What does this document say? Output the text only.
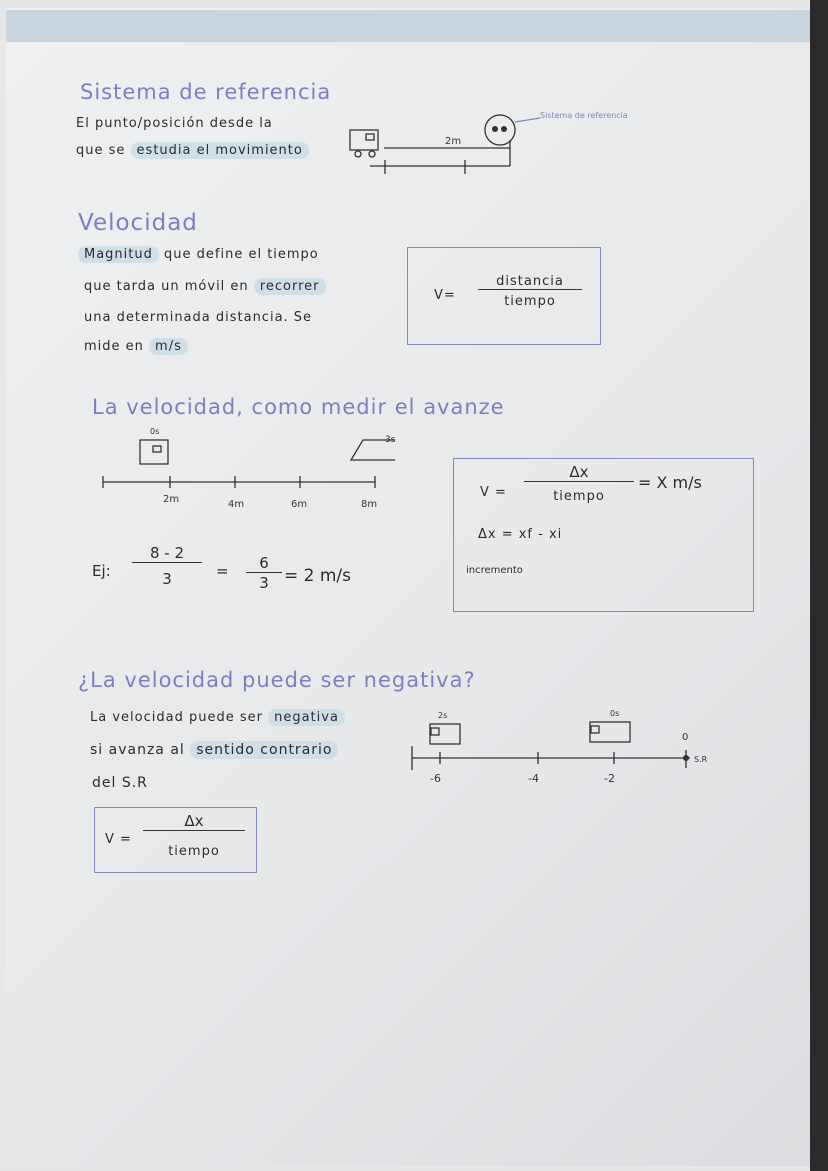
Sistema de referencia
El punto/posición desde la
que se estudia el movimiento
2m
Sistema de referencia
Velocidad
Magnitud que define el tiempo
que tarda un móvil en recorrer
una determinada distancia. Se
mide en m/s
V=
distancia
tiempo
La velocidad, como medir el avanze
0s
3s
2m	4m	6m	8m
Ej:
8 - 2
3	=	6
3 = 2 m/s
V =
Δx
tiempo
= X m/s
Δx = xf - xi
incremento
¿La velocidad puede ser negativa?
La velocidad puede ser negativa
si avanza al sentido contrario
del S.R
2s	0s
0
S.R
-6	-4	-2
V =
Δx
tiempo
